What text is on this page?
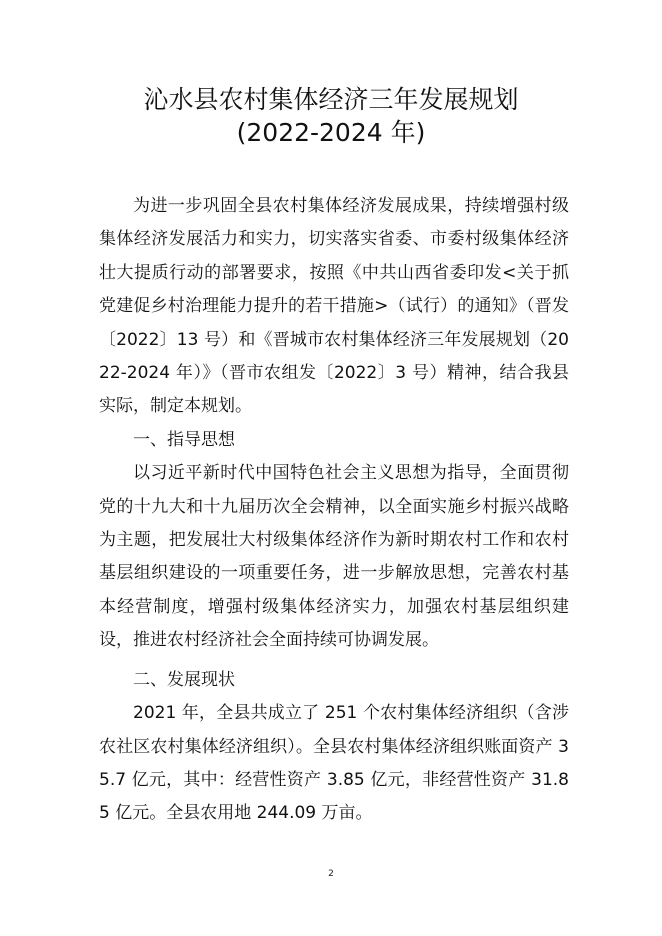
沁水县农村集体经济三年发展规划
(2022-2024 年)

为进一步巩固全县农村集体经济发展成果，持续增强村级集体经济发展活力和实力，切实落实省委、市委村级集体经济壮大提质行动的部署要求，按照《中共山西省委印发<关于抓党建促乡村治理能力提升的若干措施>（试行）的通知》（晋发〔2022〕13 号）和《晋城市农村集体经济三年发展规划（2022-2024 年）》（晋市农组发〔2022〕3 号）精神，结合我县实际，制定本规划。

一、指导思想

以习近平新时代中国特色社会主义思想为指导，全面贯彻党的十九大和十九届历次全会精神，以全面实施乡村振兴战略为主题，把发展壮大村级集体经济作为新时期农村工作和农村基层组织建设的一项重要任务，进一步解放思想，完善农村基本经营制度，增强村级集体经济实力，加强农村基层组织建设，推进农村经济社会全面持续可协调发展。

二、发展现状

2021 年，全县共成立了 251 个农村集体经济组织（含涉农社区农村集体经济组织）。全县农村集体经济组织账面资产 35.7 亿元，其中：经营性资产 3.85 亿元，非经营性资产 31.85 亿元。全县农用地 244.09 万亩。

2
